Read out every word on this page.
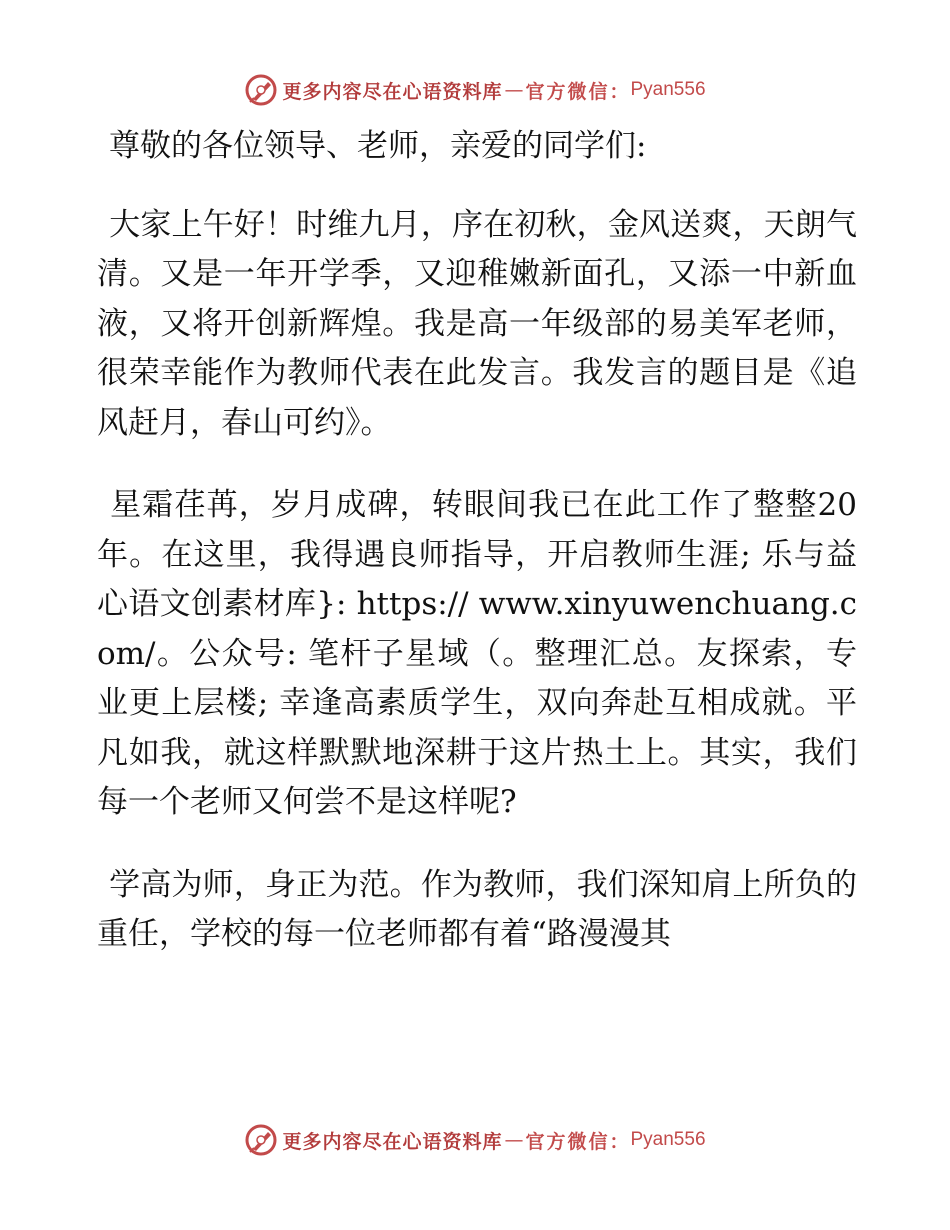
更多内容尽在心语资料库 — 官方微信： Pyan556

尊敬的各位领导、老师，亲爱的同学们:

大家上午好！时维九月，序在初秋，金风送爽，天朗气清。又是一年开学季，又迎稚嫩新面孔，又添一中新血液，又将开创新辉煌。我是高一年级部的易美军老师，很荣幸能作为教师代表在此发言。我发言的题目是《追风赶月，春山可约》。

星霜荏苒，岁月成碑，转眼间我已在此工作了整整20年。在这里，我得遇良师指导，开启教师生涯; 乐与益心语文创素材库}: https:// www.xinyuwenchuang.com/。公众号: 笔杆子星域（。整理汇总。友探索，专业更上层楼; 幸逢高素质学生，双向奔赴互相成就。平凡如我，就这样默默地深耕于这片热土上。其实，我们每一个老师又何尝不是这样呢?

学高为师，身正为范。作为教师，我们深知肩上所负的重任，学校的每一位老师都有着“路漫漫其

更多内容尽在心语资料库 — 官方微信： Pyan556
